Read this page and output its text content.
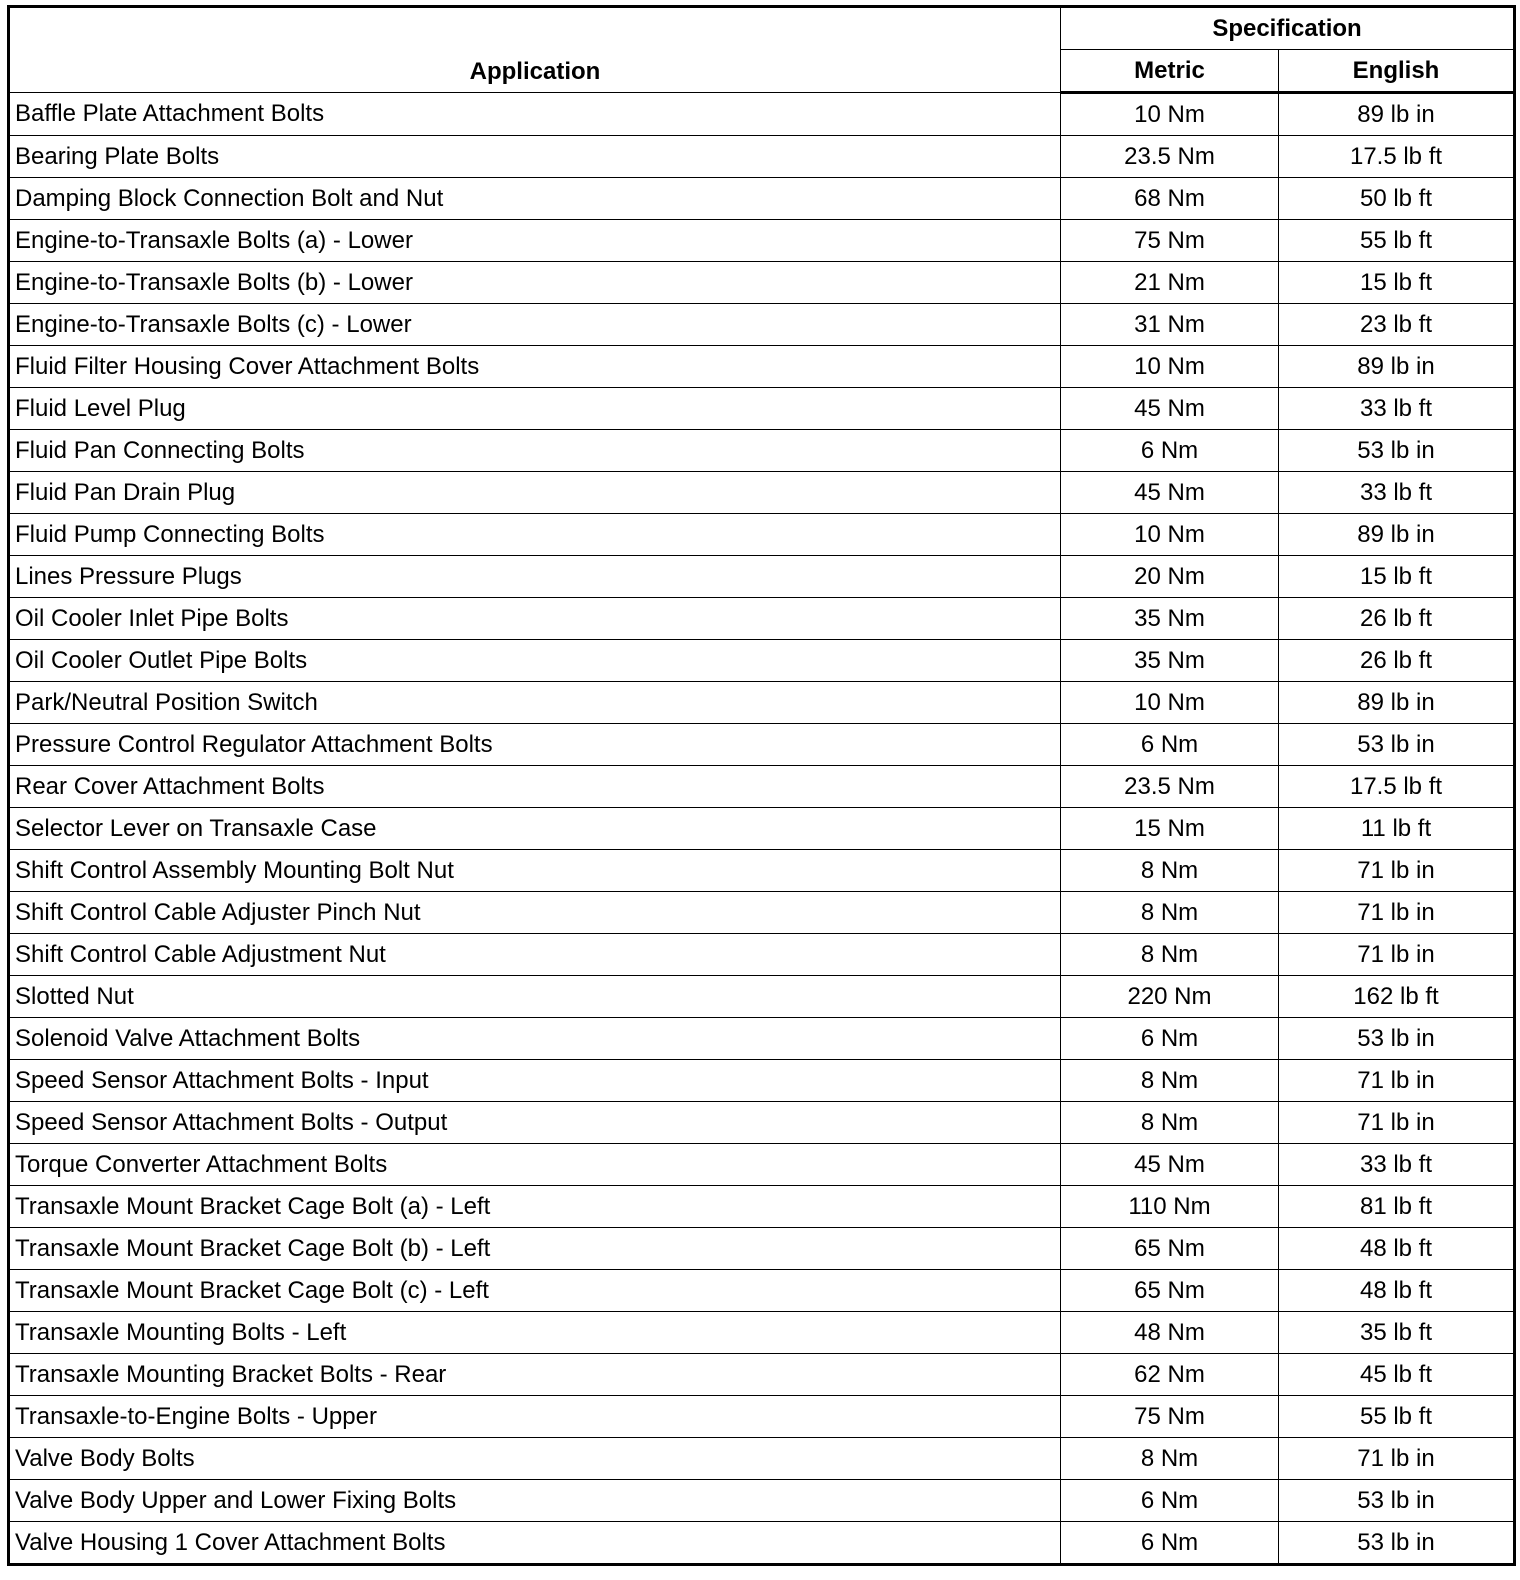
Application	Specification	
	Metric	English
Baffle Plate Attachment Bolts	10 Nm	89 lb in
Bearing Plate Bolts	23.5 Nm	17.5 lb ft
Damping Block Connection Bolt and Nut	68 Nm	50 lb ft
Engine-to-Transaxle Bolts (a) - Lower	75 Nm	55 lb ft
Engine-to-Transaxle Bolts (b) - Lower	21 Nm	15 lb ft
Engine-to-Transaxle Bolts (c) - Lower	31 Nm	23 lb ft
Fluid Filter Housing Cover Attachment Bolts	10 Nm	89 lb in
Fluid Level Plug	45 Nm	33 lb ft
Fluid Pan Connecting Bolts	6 Nm	53 lb in
Fluid Pan Drain Plug	45 Nm	33 lb ft
Fluid Pump Connecting Bolts	10 Nm	89 lb in
Lines Pressure Plugs	20 Nm	15 lb ft
Oil Cooler Inlet Pipe Bolts	35 Nm	26 lb ft
Oil Cooler Outlet Pipe Bolts	35 Nm	26 lb ft
Park/Neutral Position Switch	10 Nm	89 lb in
Pressure Control Regulator Attachment Bolts	6 Nm	53 lb in
Rear Cover Attachment Bolts	23.5 Nm	17.5 lb ft
Selector Lever on Transaxle Case	15 Nm	11 lb ft
Shift Control Assembly Mounting Bolt Nut	8 Nm	71 lb in
Shift Control Cable Adjuster Pinch Nut	8 Nm	71 lb in
Shift Control Cable Adjustment Nut	8 Nm	71 lb in
Slotted Nut	220 Nm	162 lb ft
Solenoid Valve Attachment Bolts	6 Nm	53 lb in
Speed Sensor Attachment Bolts - Input	8 Nm	71 lb in
Speed Sensor Attachment Bolts - Output	8 Nm	71 lb in
Torque Converter Attachment Bolts	45 Nm	33 lb ft
Transaxle Mount Bracket Cage Bolt (a) - Left	110 Nm	81 lb ft
Transaxle Mount Bracket Cage Bolt (b) - Left	65 Nm	48 lb ft
Transaxle Mount Bracket Cage Bolt (c) - Left	65 Nm	48 lb ft
Transaxle Mounting Bolts - Left	48 Nm	35 lb ft
Transaxle Mounting Bracket Bolts - Rear	62 Nm	45 lb ft
Transaxle-to-Engine Bolts - Upper	75 Nm	55 lb ft
Valve Body Bolts	8 Nm	71 lb in
Valve Body Upper and Lower Fixing Bolts	6 Nm	53 lb in
Valve Housing 1 Cover Attachment Bolts	6 Nm	53 lb in
